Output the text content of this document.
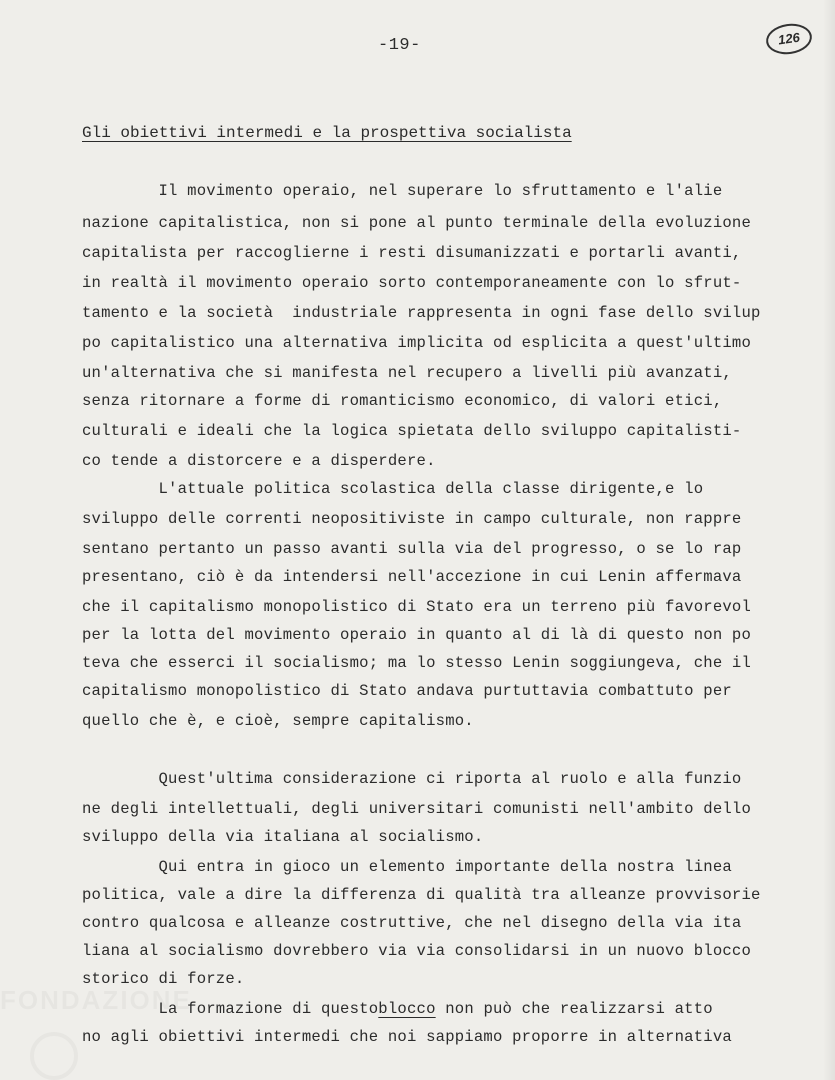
-19-	126
Gli obiettivi intermedi e la prospettiva socialista
Il movimento operaio, nel superare lo sfruttamento e l'alie
nazione capitalistica, non si pone al punto terminale della evoluzione
capitalista per raccoglierne i resti disumanizzati e portarli avanti,
in realtà il movimento operaio sorto contemporaneamente con lo sfrut-
tamento e la società  industriale rappresenta in ogni fase dello svilup
po capitalistico una alternativa implicita od esplicita a quest'ultimo
un'alternativa che si manifesta nel recupero a livelli più avanzati,
senza ritornare a forme di romanticismo economico, di valori etici,
culturali e ideali che la logica spietata dello sviluppo capitalisti-
co tende a distorcere e a disperdere.
L'attuale politica scolastica della classe dirigente,e lo
sviluppo delle correnti neopositiviste in campo culturale, non rappre
sentano pertanto un passo avanti sulla via del progresso, o se lo rap
presentano, ciò è da intendersi nell'accezione in cui Lenin affermava
che il capitalismo monopolistico di Stato era un terreno più favorevol
per la lotta del movimento operaio in quanto al di là di questo non po
teva che esserci il socialismo; ma lo stesso Lenin soggiungeva, che il
capitalismo monopolistico di Stato andava purtuttavia combattuto per
quello che è, e cioè, sempre capitalismo.
Quest'ultima considerazione ci riporta al ruolo e alla funzio
ne degli intellettuali, degli universitari comunisti nell'ambito dello
sviluppo della via italiana al socialismo.
Qui entra in gioco un elemento importante della nostra linea
politica, vale a dire la differenza di qualità tra alleanze provvisorie
contro qualcosa e alleanze costruttive, che nel disegno della via ita
liana al socialismo dovrebbero via via consolidarsi in un nuovo blocco
storico di forze.
La formazione di questoblocco non può che realizzarsi atto
no agli obiettivi intermedi che noi sappiamo proporre in alternativa
